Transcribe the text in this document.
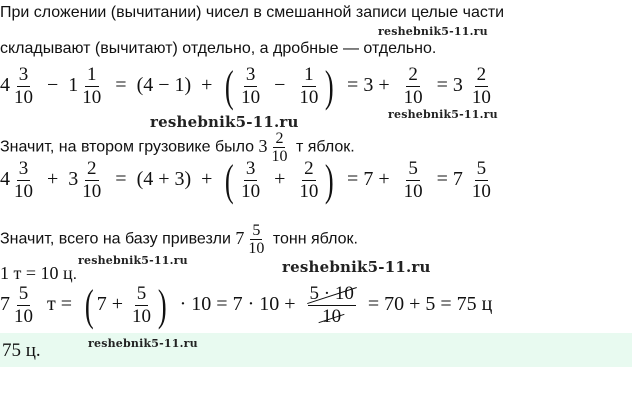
При сложении (вычитании) чисел в смешанной записи целые части
reshebnik5-11.ru
складывают (вычитают) отдельно, а дробные — отдельно.
$4 \frac{3}{10} - 1 \frac{1}{10} = (4 - 1)$ + ( $\frac{3}{10} - \frac{1}{10}$ ) = $3 + \frac{2}{10} = 3 \frac{2}{10}$
reshebnik5-11.ru
reshebnik5-11.ru
Значит, на втором грузовике было $3 \frac{2}{10}$ т яблок.
$4 \frac{3}{10} + 3 \frac{2}{10} = (4 + 3)$ + ( $\frac{3}{10} + \frac{2}{10}$ ) = $7 + \frac{5}{10} = 7 \frac{5}{10}$
Значит, всего на базу привезли $7 \frac{5}{10}$ тонн яблок.
1 т = 10 ц.
reshebnik5-11.ru	reshebnik5-11.ru
$7 \frac{5}{10}$ т = ( $7 + \frac{5}{10}$ ) · $10 = 7 \cdot 10 + \frac{5 \cdot 10}{10} = 70 + 5 = 75$ ц
75 ц.	reshebnik5-11.ru
